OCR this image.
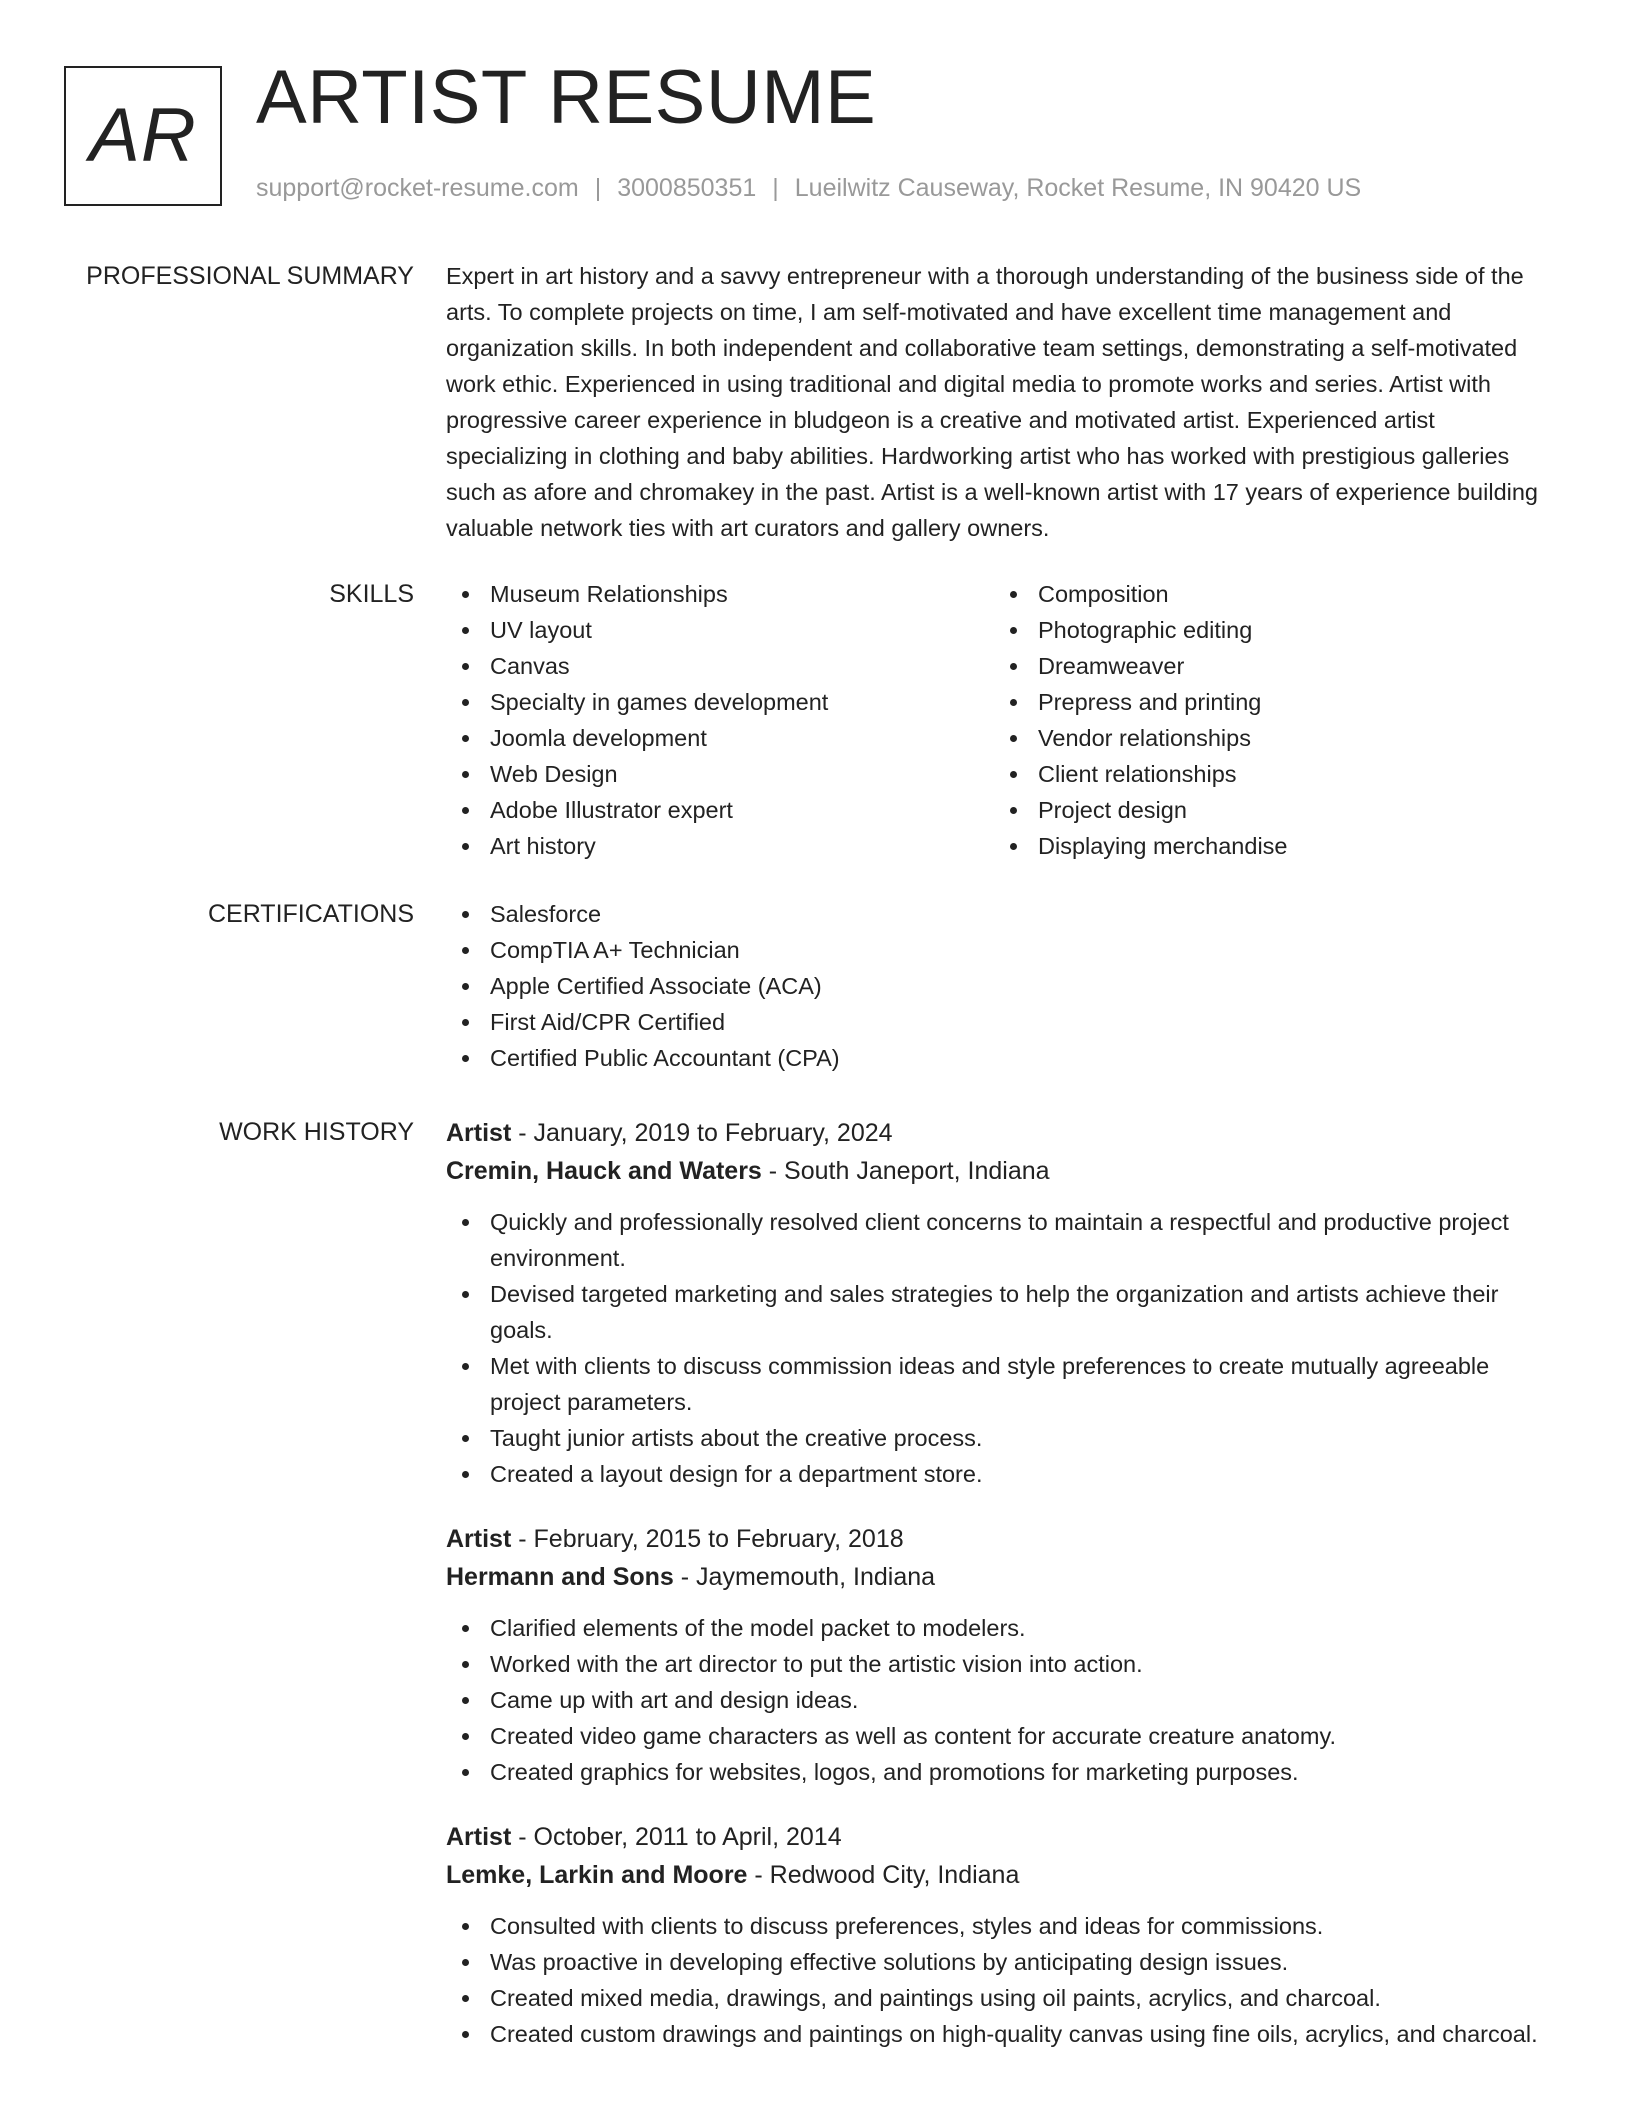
AR ARTIST RESUME
support@rocket-resume.com | 3000850351 | Lueilwitz Causeway, Rocket Resume, IN 90420 US
PROFESSIONAL SUMMARY Expert in art history and a savvy entrepreneur with a thorough understanding of the business side of the arts. To complete projects on time, I am self-motivated and have excellent time management and organization skills. In both independent and collaborative team settings, demonstrating a self-motivated work ethic. Experienced in using traditional and digital media to promote works and series. Artist with progressive career experience in bludgeon is a creative and motivated artist. Experienced artist specializing in clothing and baby abilities. Hardworking artist who has worked with prestigious galleries such as afore and chromakey in the past. Artist is a well-known artist with 17 years of experience building valuable network ties with art curators and gallery owners.

SKILLS	Museum Relationships
UV layout
Canvas
Specialty in games development
Joomla development
Web Design
Adobe Illustrator expert
Art history
Composition
Photographic editing
Dreamweaver
Prepress and printing
Vendor relationships
Client relationships
Project design
Displaying merchandise
CERTIFICATIONS	Salesforce
CompTIA A+ Technician
Apple Certified Associate (ACA)
First Aid/CPR Certified
Certified Public Accountant (CPA)
WORK HISTORY Artist - January, 2019 to February, 2024
Cremin, Hauck and Waters - South Janeport, Indiana
Quickly and professionally resolved client concerns to maintain a respectful and productive project environment.
Devised targeted marketing and sales strategies to help the organization and artists achieve their goals.
Met with clients to discuss commission ideas and style preferences to create mutually agreeable project parameters.
Taught junior artists about the creative process.
Created a layout design for a department store.
Artist - February, 2015 to February, 2018
Hermann and Sons - Jaymemouth, Indiana
Clarified elements of the model packet to modelers.
Worked with the art director to put the artistic vision into action.
Came up with art and design ideas.
Created video game characters as well as content for accurate creature anatomy.
Created graphics for websites, logos, and promotions for marketing purposes.
Artist - October, 2011 to April, 2014
Lemke, Larkin and Moore - Redwood City, Indiana
Consulted with clients to discuss preferences, styles and ideas for commissions.
Was proactive in developing effective solutions by anticipating design issues.
Created mixed media, drawings, and paintings using oil paints, acrylics, and charcoal.
Created custom drawings and paintings on high-quality canvas using fine oils, acrylics, and charcoal.
